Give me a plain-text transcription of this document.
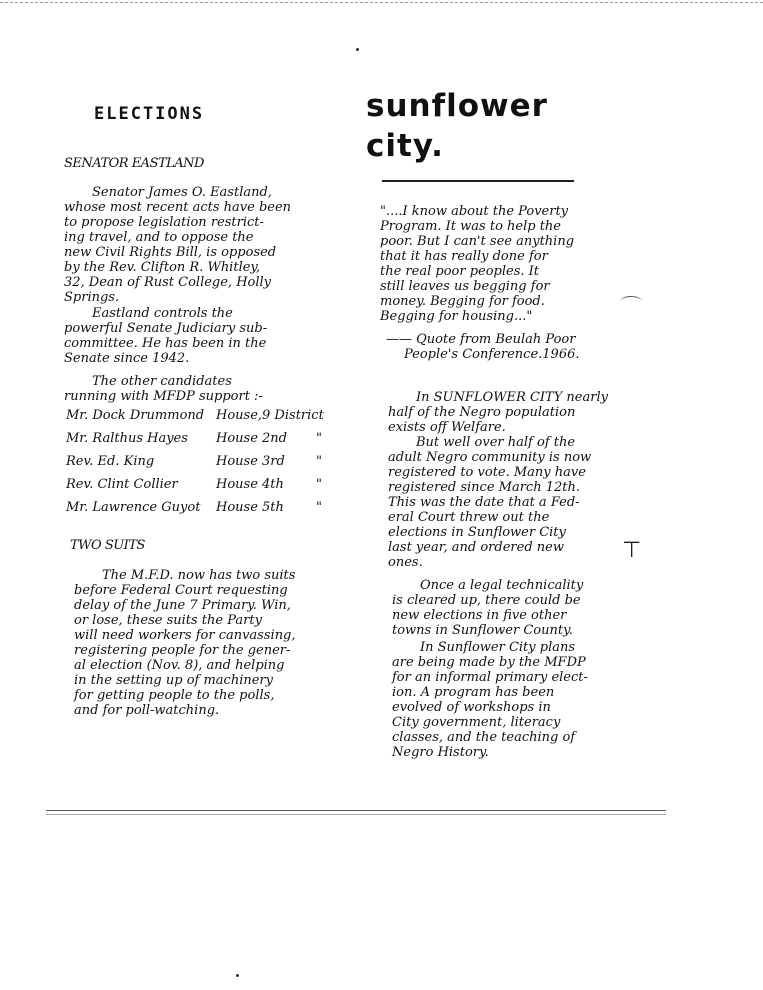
ELECTIONS	sunflower
city.
SENATOR EASTLAND
Senator James O. Eastland,
whose most recent acts have been
to propose legislation restrict-
ing travel, and to oppose the
new Civil Rights Bill, is opposed
by the Rev. Clifton R. Whitley,
32, Dean of Rust College, Holly
Springs.
Eastland controls the
powerful Senate Judiciary sub-
committee. He has been in the
Senate since 1942.
The other candidates
running with MFDP support :-
Mr. Dock Drummond House,9 District
Mr. Ralthus Hayes	House 2nd	"
Rev. Ed. King	House 3rd	"
Rev. Clint Collier	House 4th	"
Mr. Lawrence Guyot	House 5th	"
TWO SUITS
The M.F.D. now has two suits
before Federal Court requesting
delay of the June 7 Primary. Win,
or lose, these suits the Party
will need workers for canvassing,
registering people for the gener-
al election (Nov. 8), and helping
in the setting up of machinery
for getting people to the polls,
and for poll-watching.
"....I know about the Poverty
Program. It was to help the
poor. But I can't see anything
that it has really done for
the real poor peoples. It
still leaves us begging for
money. Begging for food.
Begging for housing..."
—— Quote from Beulah Poor
People's Conference.1966.
In SUNFLOWER CITY nearly
half of the Negro population
exists off Welfare.
But well over half of the
adult Negro community is now
registered to vote. Many have
registered since March 12th.
This was the date that a Fed-
eral Court threw out the
elections in Sunflower City
last year, and ordered new
ones.
Once a legal technicality
is cleared up, there could be
new elections in five other
towns in Sunflower County.
In Sunflower City plans
are being made by the MFDP
for an informal primary elect-
ion. A program has been
evolved of workshops in
City government, literacy
classes, and the teaching of
Negro History.
⊤
